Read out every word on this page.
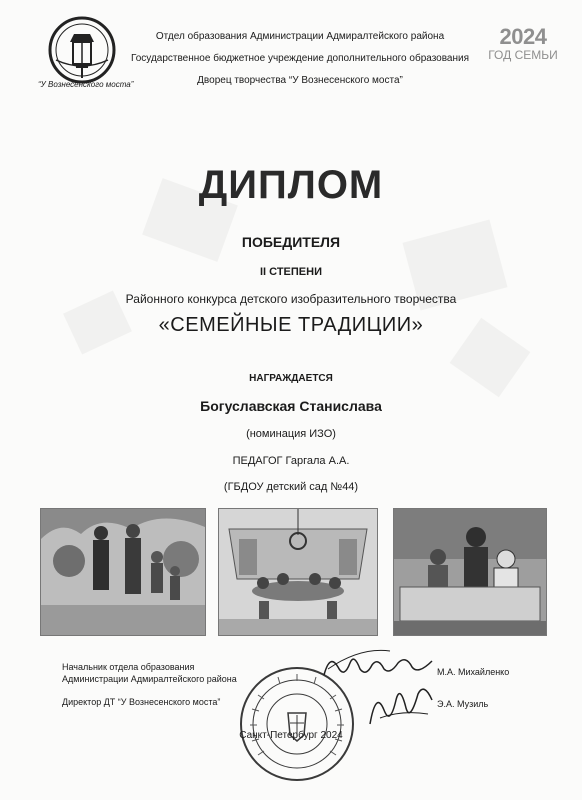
“У Вознесенского моста”
Отдел образования Администрации Адмиралтейского района
Государственное бюджетное учреждение дополнительного образования
Дворец творчества “У Вознесенского моста”
2024
ГОД СЕМЬИ
ДИПЛОМ
ПОБЕДИТЕЛЯ
II СТЕПЕНИ
Районного конкурса детского изобразительного творчества
«СЕМЕЙНЫЕ ТРАДИЦИИ»
НАГРАЖДАЕТСЯ
Богуславская Станислава
(номинация ИЗО)
ПЕДАГОГ Гаргала А.А.
(ГБДОУ детский сад №44)
Начальник отдела образования
Администрации Адмиралтейского района
М.А. Михайленко
Директор ДТ “У Вознесенского моста”	Э.А. Музиль
Санкт-Петербург 2024
